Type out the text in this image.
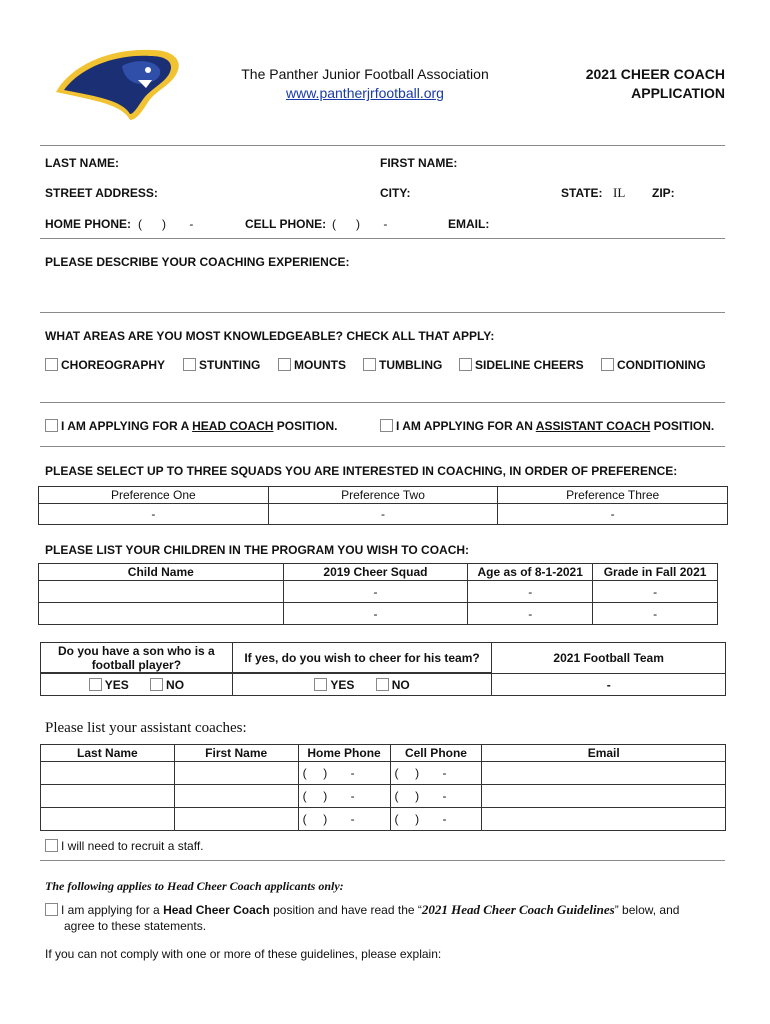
The Panther Junior Football Association
www.pantherjrfootball.org
2021 CHEER COACH
APPLICATION
LAST NAME:	FIRST NAME:
STREET ADDRESS:	CITY:	STATE: IL ZIP:
HOME PHONE: (      )       -	CELL PHONE: (      )       -	EMAIL:
PLEASE DESCRIBE YOUR COACHING EXPERIENCE:
WHAT AREAS ARE YOU MOST KNOWLEDGEABLE? CHECK ALL THAT APPLY:
CHOREOGRAPHY	STUNTING	MOUNTS	TUMBLING	SIDELINE CHEERS	CONDITIONING
I AM APPLYING FOR A HEAD COACH POSITION.	I AM APPLYING FOR AN ASSISTANT COACH POSITION.
PLEASE SELECT UP TO THREE SQUADS YOU ARE INTERESTED IN COACHING, IN ORDER OF PREFERENCE:
Preference One	Preference Two	Preference Three
-	-	-
PLEASE LIST YOUR CHILDREN IN THE PROGRAM YOU WISH TO COACH:
Child Name	2019 Cheer Squad	Age as of 8-1-2021	Grade in Fall 2021
	-	-	-
	-	-	-
Do you have a son who is a football player?	If yes, do you wish to cheer for his team?	2021 Football Team

YES	NO	YES	NO	-
Please list your assistant coaches:
Last Name	First Name	Home Phone	Cell Phone	Email
		(     )       -	(     )       -	
		(     )       -	(     )       -	
		(     )       -	(     )       -	
I will need to recruit a staff.
The following applies to Head Cheer Coach applicants only:
I am applying for a Head Cheer Coach position and have read the “2021 Head Cheer Coach Guidelines” below, and
agree to these statements.
If you can not comply with one or more of these guidelines, please explain:
